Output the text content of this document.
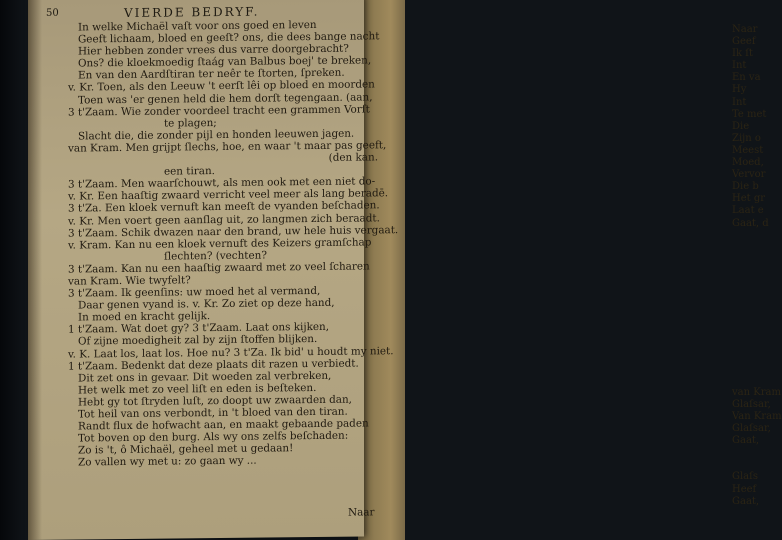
Naar
Geef
Ik ſt
Int
En va
Hy
Int
Te met
Die
Zijn o
Meest
Moed,
Vervor
Die b
Het gr
Laat e
Gaat, d
van Kram
Glaſsar,
Van Kram
Glaſsar,
Gaat,
Glaſs
Heef
Gaat,
50	VIERDE BEDRYF.
In welke Michaël vaſt voor ons goed en leven
Geeft lichaam, bloed en geeſt? ons, die dees bange nacht
Hier hebben zonder vrees dus varre doorgebracht?
Ons? die kloekmoedig ſtaág van Balbus boej' te breken,
En van den Aardſtiran ter neêr te ſtorten, ſpreken.
v. Kr. Toen, als den Leeuw 't eerſt lêi op bloed en moorden
Toen was 'er genen held die hem dorſt tegengaan. (aan,
3 t'Zaam. Wie zonder voordeel tracht een grammen Vorſt
te plagen;
Slacht die, die zonder pijl en honden leeuwen jagen.
van Kram. Men grijpt ſlechs, hoe, en waar 't maar pas geeft,
(den kan.
een tiran.
3 t'Zaam. Men waarſchouwt, als men ook met een niet do-
v. Kr. Een haaſtig zwaard verricht veel meer als lang beradē.
3 t'Za. Een kloek vernuft kan meeſt de vyanden beſchaden.
v. Kr. Men voert geen aanſlag uit, zo langmen zich beraadt.
3 t'Zaam. Schik dwazen naar den brand, uw hele huis vergaat.
v. Kram. Kan nu een kloek vernuft des Keizers gramſchap
ſlechten? (vechten?
3 t'Zaam. Kan nu een haaſtig zwaard met zo veel ſcharen
van Kram. Wie twyfelt?
3 t'Zaam. Ik geenſins: uw moed het al vermand,
Daar genen vyand is. v. Kr. Zo ziet op deze hand,
In moed en kracht gelijk.
1 t'Zaam. Wat doet gy? 3 t'Zaam. Laat ons kijken,
Of zijne moedigheit zal by zijn ſtoffen blijken.
v. K. Laat los, laat los. Hoe nu? 3 t'Za. Ik bid' u houdt my niet.
1 t'Zaam. Bedenkt dat deze plaats dit razen u verbiedt.
Dit zet ons in gevaar. Dit woeden zal verbreken,
Het welk met zo veel liſt en eden is beſteken.
Hebt gy tot ſtryden luſt, zo doopt uw zwaarden dan,
Tot heil van ons verbondt, in 't bloed van den tiran.
Randt flux de hofwacht aan, en maakt gebaande paden
Tot boven op den burg. Als wy ons zelfs beſchaden:
Zo is 't, ô Michaël, geheel met u gedaan!
Zo vallen wy met u: zo gaan wy ...
Naar
